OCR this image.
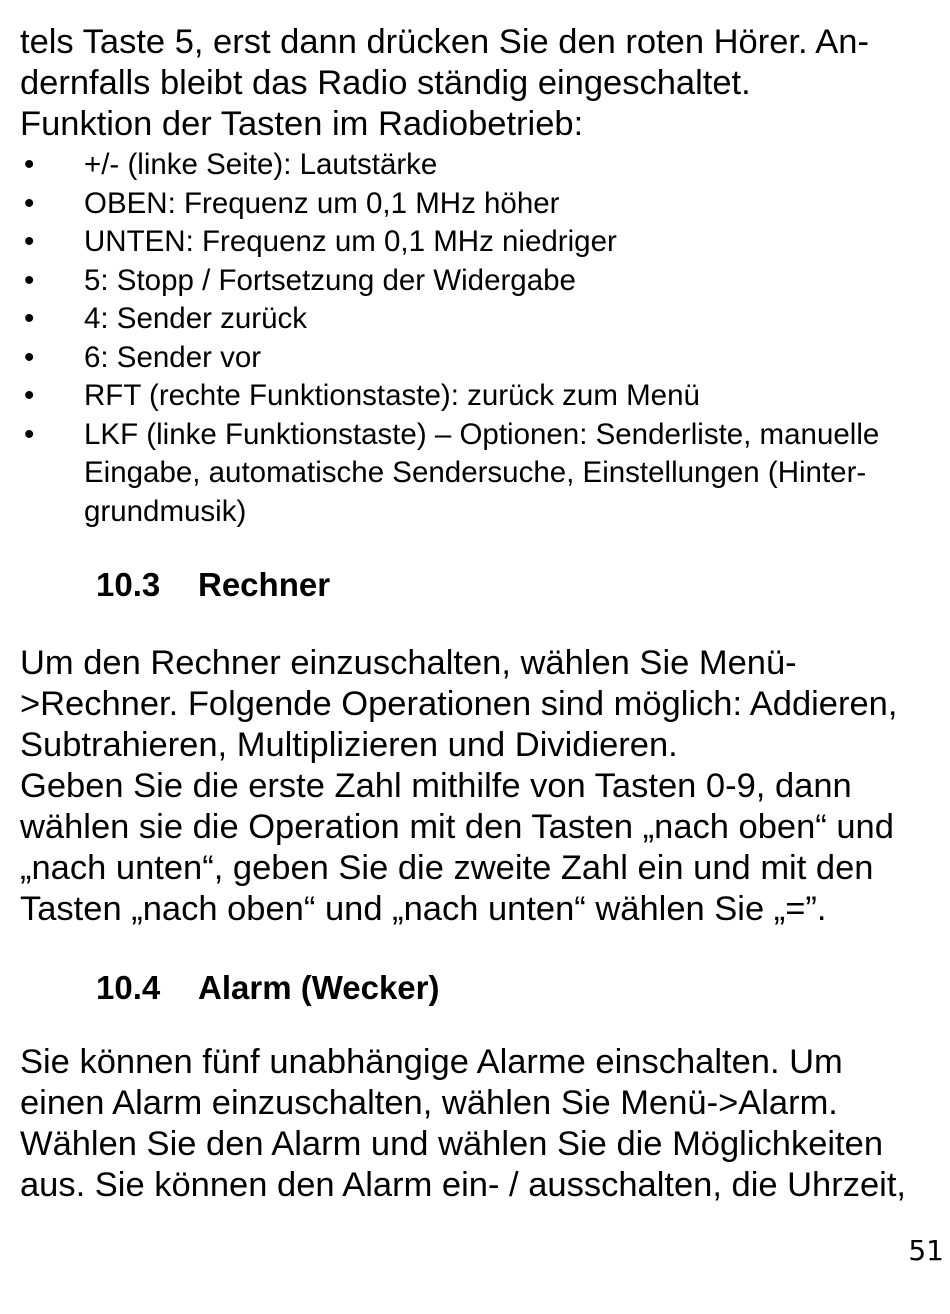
tels Taste 5, erst dann drücken Sie den roten Hörer. An-

dernfalls bleibt das Radio ständig eingeschaltet.

Funktion der Tasten im Radiobetrieb:

•	+/- (linke Seite): Lautstärke
•	OBEN: Frequenz um 0,1 MHz höher
•	UNTEN: Frequenz um 0,1 MHz niedriger
•	5: Stopp / Fortsetzung der Widergabe
•	4: Sender zurück
•	6: Sender vor
•	RFT (rechte Funktionstaste): zurück zum Menü
•	LKF (linke Funktionstaste) – Optionen: Senderliste, manuelle
Eingabe, automatische Sendersuche, Einstellungen (Hinter-
grundmusik)
10.3 Rechner

Um den Rechner einzuschalten, wählen Sie Menü-

>Rechner. Folgende Operationen sind möglich: Addieren,

Subtrahieren, Multiplizieren und Dividieren.

Geben Sie die erste Zahl mithilfe von Tasten 0-9, dann

wählen sie die Operation mit den Tasten „nach oben“ und

„nach unten“, geben Sie die zweite Zahl ein und mit den

Tasten „nach oben“ und „nach unten“ wählen Sie „=”.

10.4 Alarm (Wecker)

Sie können fünf unabhängige Alarme einschalten. Um

einen Alarm einzuschalten, wählen Sie Menü->Alarm.

Wählen Sie den Alarm und wählen Sie die Möglichkeiten

aus. Sie können den Alarm ein- / ausschalten, die Uhrzeit,

51
